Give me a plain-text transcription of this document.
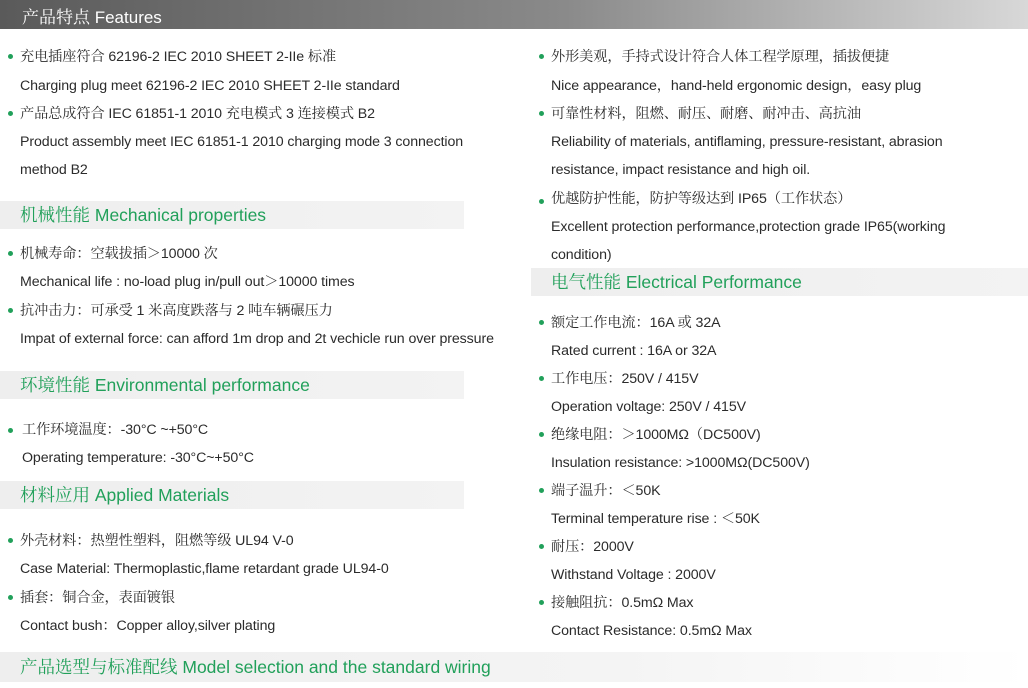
产品特点 Features
充电插座符合 62196-2 IEC 2010 SHEET 2-IIe 标准
Charging plug meet 62196-2 IEC 2010 SHEET 2-IIe standard
产品总成符合 IEC 61851-1 2010 充电模式 3 连接模式 B2
Product assembly meet IEC 61851-1 2010 charging mode 3 connection
method B2
机械性能 Mechanical properties
机械寿命：空载拔插＞10000 次
Mechanical life : no-load plug in/pull out＞10000 times
抗冲击力：可承受 1 米高度跌落与 2 吨车辆碾压力
Impat of external force: can afford 1m drop and 2t vechicle run over pressure
环境性能 Environmental performance
工作环境温度：-30°C ~+50°C
Operating temperature: -30°C~+50°C
材料应用 Applied Materials
外壳材料：热塑性塑料，阻燃等级 UL94 V-0
Case Material: Thermoplastic,flame retardant grade UL94-0
插套：铜合金，表面镀银
Contact bush：Copper alloy,silver plating
外形美观，手持式设计符合人体工程学原理，插拔便捷
Nice appearance，hand-held ergonomic design，easy plug
可靠性材料，阻燃、耐压、耐磨、耐冲击、高抗油
Reliability of materials, antiflaming, pressure-resistant, abrasion
resistance, impact resistance and high oil.
优越防护性能，防护等级达到 IP65（工作状态）
Excellent protection performance,protection grade IP65(working
condition)
电气性能 Electrical Performance
额定工作电流：16A 或 32A
Rated current : 16A or 32A
工作电压：250V / 415V
Operation voltage: 250V / 415V
绝缘电阻：＞1000MΩ（DC500V)
Insulation resistance: >1000MΩ(DC500V)
端子温升：＜50K
Terminal temperature rise : ＜50K
耐压：2000V
Withstand Voltage : 2000V
接触阻抗：0.5mΩ Max
Contact Resistance: 0.5mΩ Max
产品选型与标准配线 Model selection and the standard wiring
